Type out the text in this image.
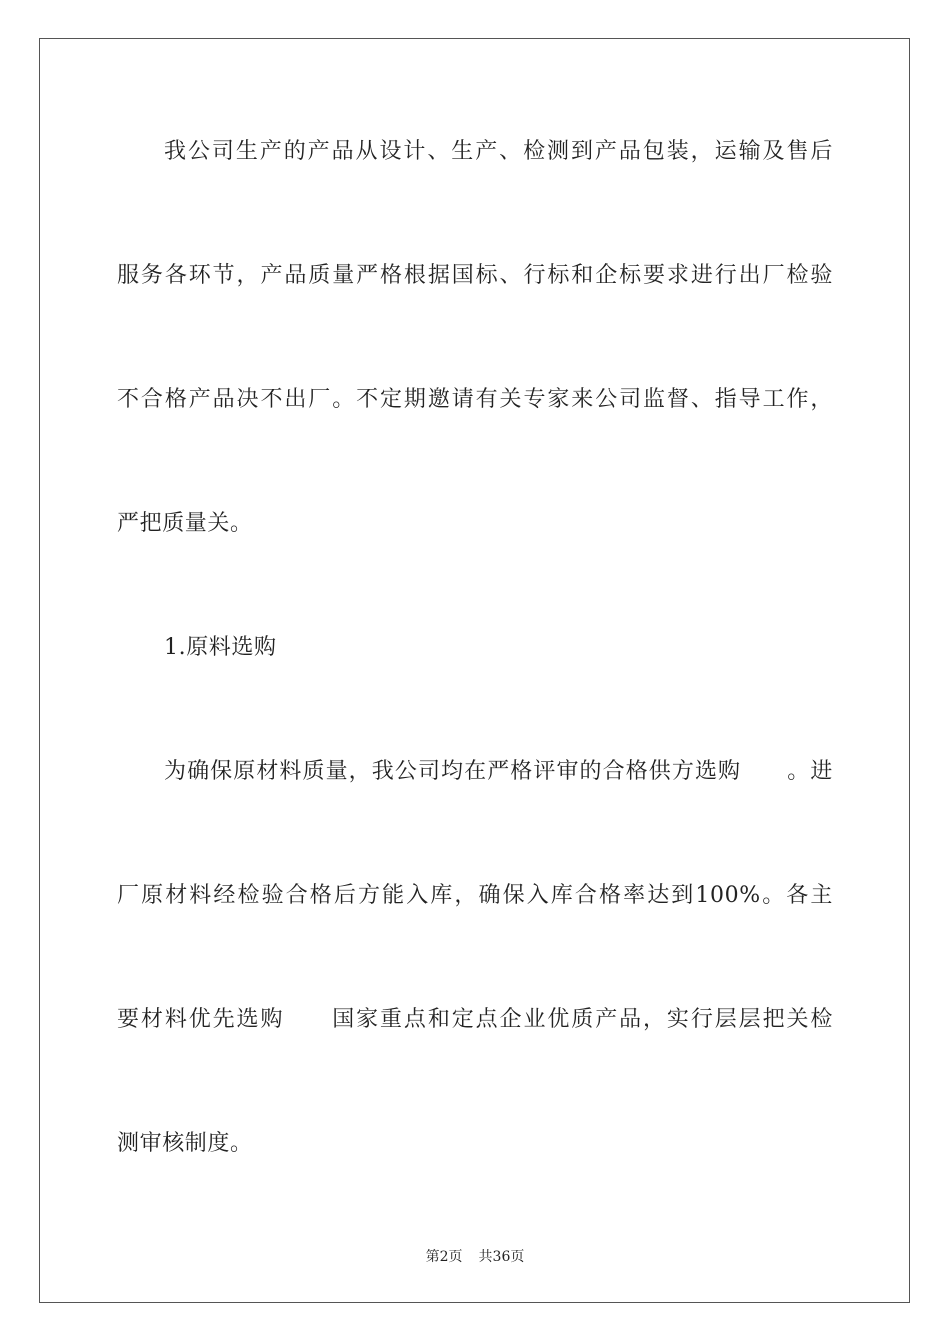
我公司生产的产品从设计、生产、检测到产品包装，运输及售后
服务各环节，产品质量严格根据国标、行标和企标要求进行出厂检验
不合格产品决不出厂。不定期邀请有关专家来公司监督、指导工作，
严把质量关。
1.原料选购
为确保原材料质量，我公司均在严格评审的合格供方选购　　。进
厂原材料经检验合格后方能入库，确保入库合格率达到100%。各主
要材料优先选购　　国家重点和定点企业优质产品，实行层层把关检
测审核制度。
第2页 共36页
